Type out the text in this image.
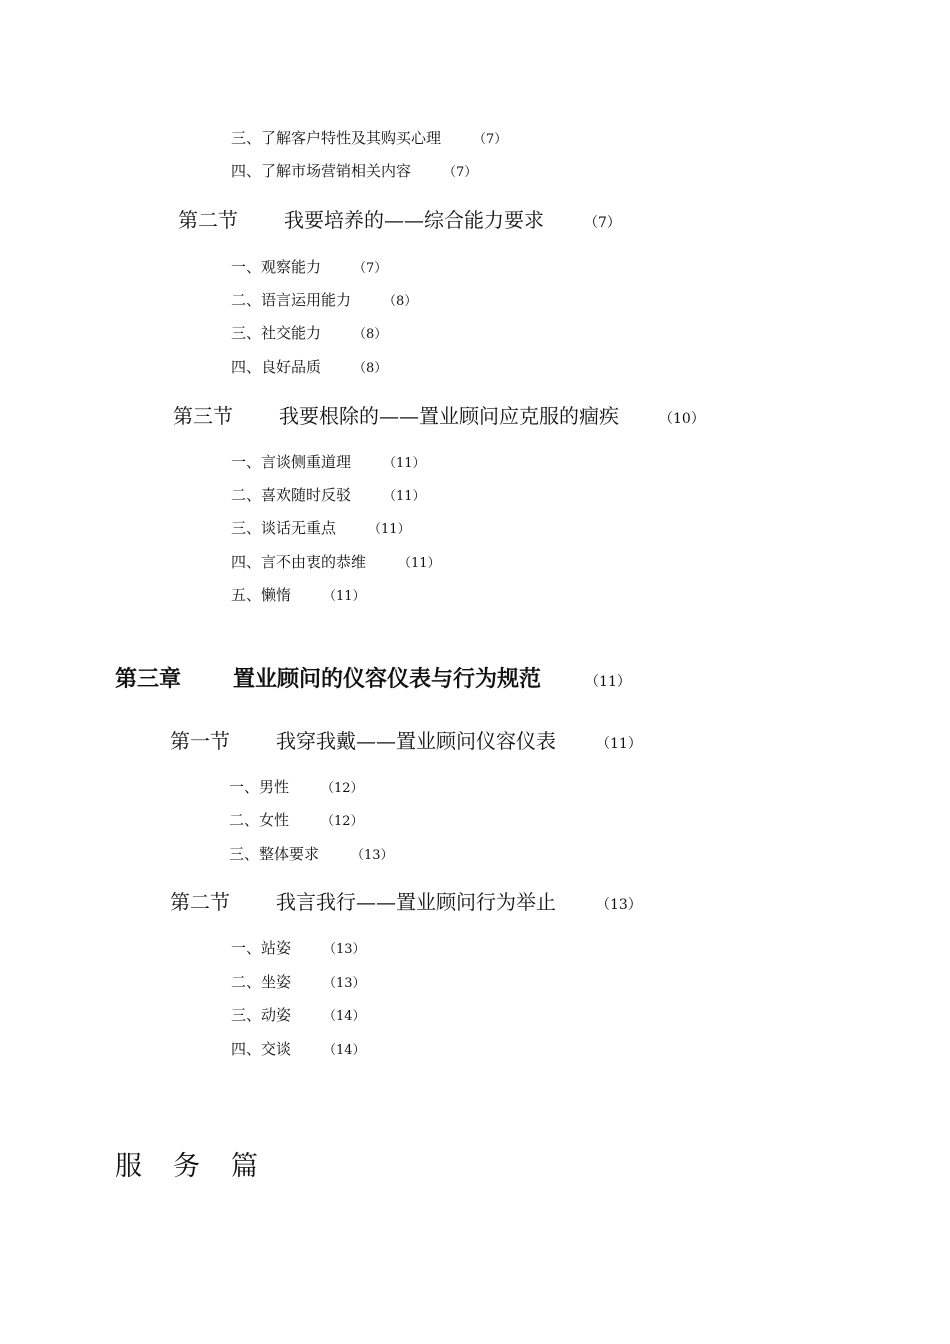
三、了解客户特性及其购买心理 （7）
四、了解市场营销相关内容 （7）
第二节 我要培养的——综合能力要求	（7）
一、观察能力 （7）
二、语言运用能力 （8）
三、社交能力 （8）
四、良好品质 （8）
第三节 我要根除的——置业顾问应克服的痼疾	（10）
一、言谈侧重道理 （11）
二、喜欢随时反驳 （11）
三、谈话无重点 （11）
四、言不由衷的恭维 （11）
五、懒惰 （11）
第三章 置业顾问的仪容仪表与行为规范	（11）
第一节 我穿我戴——置业顾问仪容仪表	（11）
一、男性 （12）
二、女性 （12）
三、整体要求 （13）
第二节 我言我行——置业顾问行为举止	（13）
一、站姿 （13）
二、坐姿 （13）
三、动姿 （14）
四、交谈 （14）
服　务　篇
